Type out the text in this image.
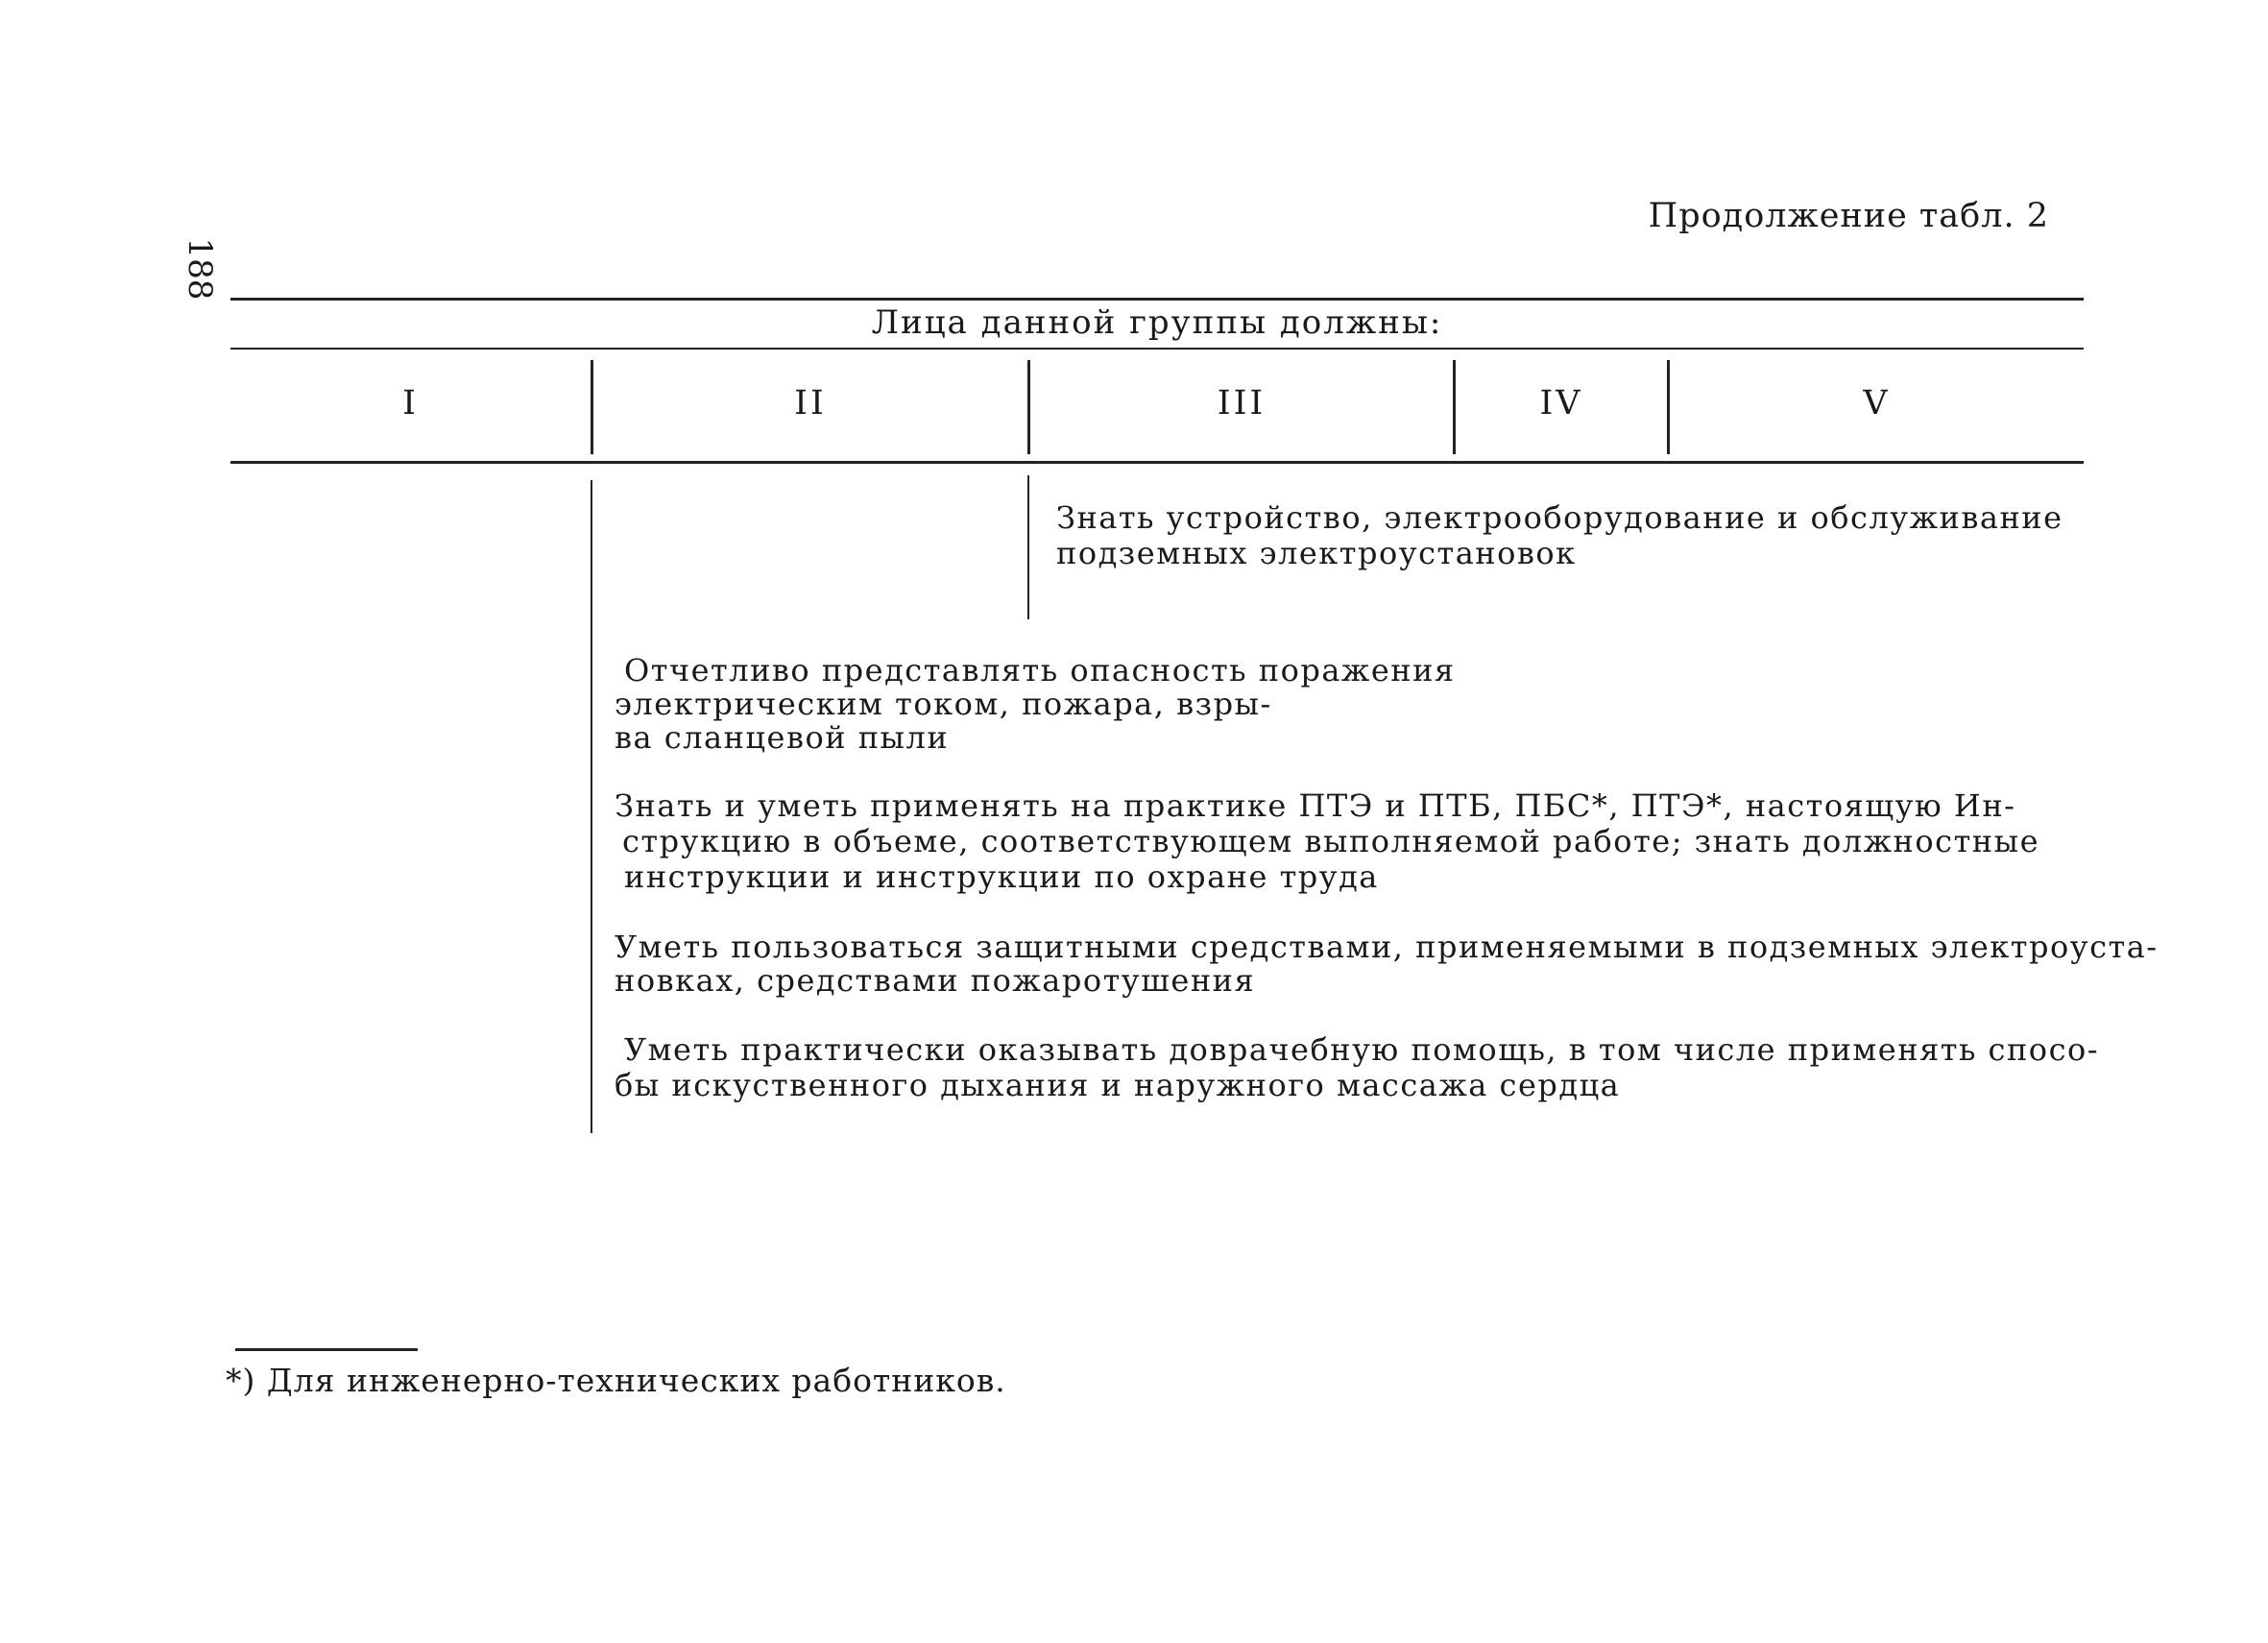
188
Продолжение табл. 2
Лица данной группы должны:
I	II	III	IV	V
Знать устройство, электрооборудование и обслуживание
подземных электроустановок
Отчетливо представлять опасность поражения
электрическим током, пожара, взры-
ва сланцевой пыли
Знать и уметь применять на практике ПТЭ и ПТБ, ПБС*, ПТЭ*, настоящую Ин-
струкцию в объеме, соответствующем выполняемой работе; знать должностные
инструкции и инструкции по охране труда
Уметь пользоваться защитными средствами, применяемыми в подземных электроуста-
новках, средствами пожаротушения
Уметь практически оказывать доврачебную помощь, в том числе применять спосо-
бы искуственного дыхания и наружного массажа сердца
*) Для инженерно-технических работников.
